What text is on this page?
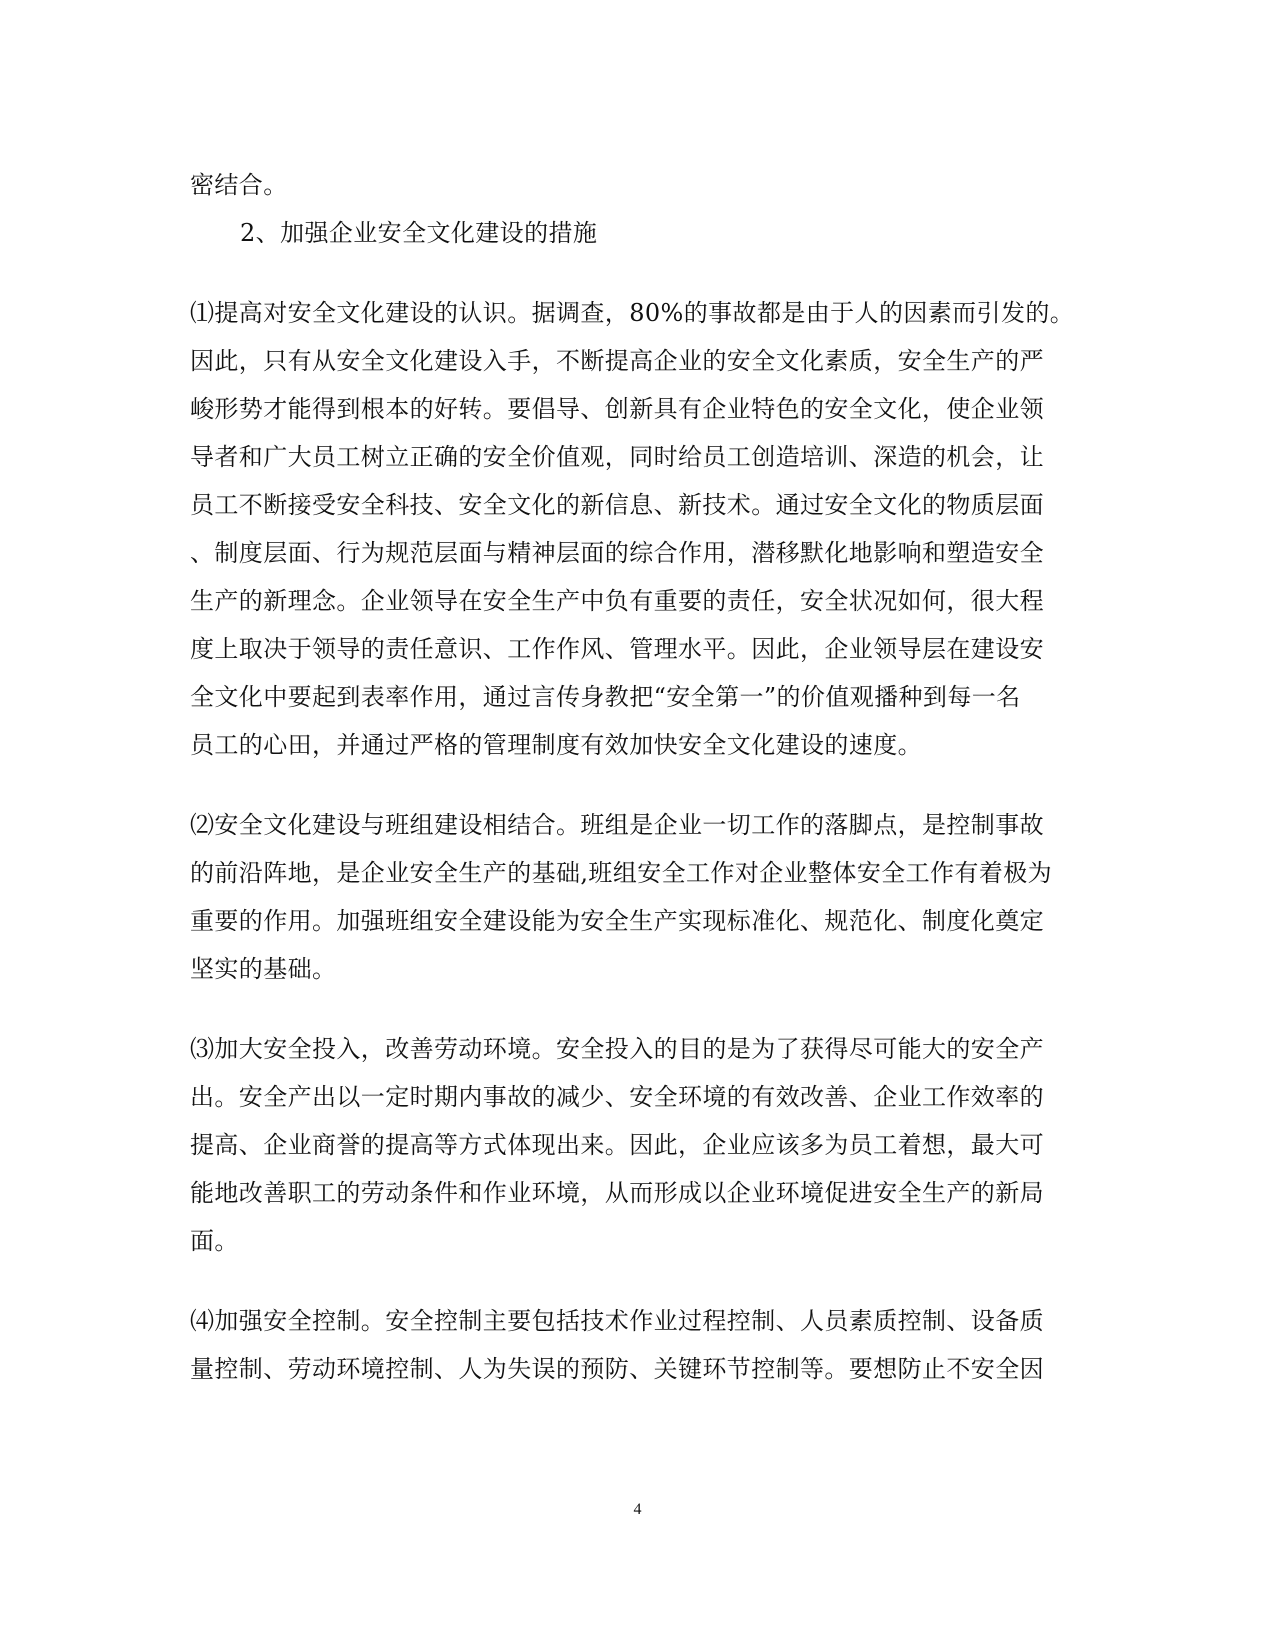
密结合。

2、加强企业安全文化建设的措施

⑴提高对安全文化建设的认识。据调查，80%的事故都是由于人的因素而引发的。

因此，只有从安全文化建设入手，不断提高企业的安全文化素质，安全生产的严

峻形势才能得到根本的好转。要倡导、创新具有企业特色的安全文化，使企业领

导者和广大员工树立正确的安全价值观，同时给员工创造培训、深造的机会，让

员工不断接受安全科技、安全文化的新信息、新技术。通过安全文化的物质层面

、制度层面、行为规范层面与精神层面的综合作用，潜移默化地影响和塑造安全

生产的新理念。企业领导在安全生产中负有重要的责任，安全状况如何，很大程

度上取决于领导的责任意识、工作作风、管理水平。因此，企业领导层在建设安

全文化中要起到表率作用，通过言传身教把“安全第一”的价值观播种到每一名

员工的心田，并通过严格的管理制度有效加快安全文化建设的速度。

⑵安全文化建设与班组建设相结合。班组是企业一切工作的落脚点，是控制事故

的前沿阵地，是企业安全生产的基础,班组安全工作对企业整体安全工作有着极为

重要的作用。加强班组安全建设能为安全生产实现标准化、规范化、制度化奠定

坚实的基础。

⑶加大安全投入，改善劳动环境。安全投入的目的是为了获得尽可能大的安全产

出。安全产出以一定时期内事故的减少、安全环境的有效改善、企业工作效率的

提高、企业商誉的提高等方式体现出来。因此，企业应该多为员工着想，最大可

能地改善职工的劳动条件和作业环境，从而形成以企业环境促进安全生产的新局

面。

⑷加强安全控制。安全控制主要包括技术作业过程控制、人员素质控制、设备质

量控制、劳动环境控制、人为失误的预防、关键环节控制等。要想防止不安全因

4
